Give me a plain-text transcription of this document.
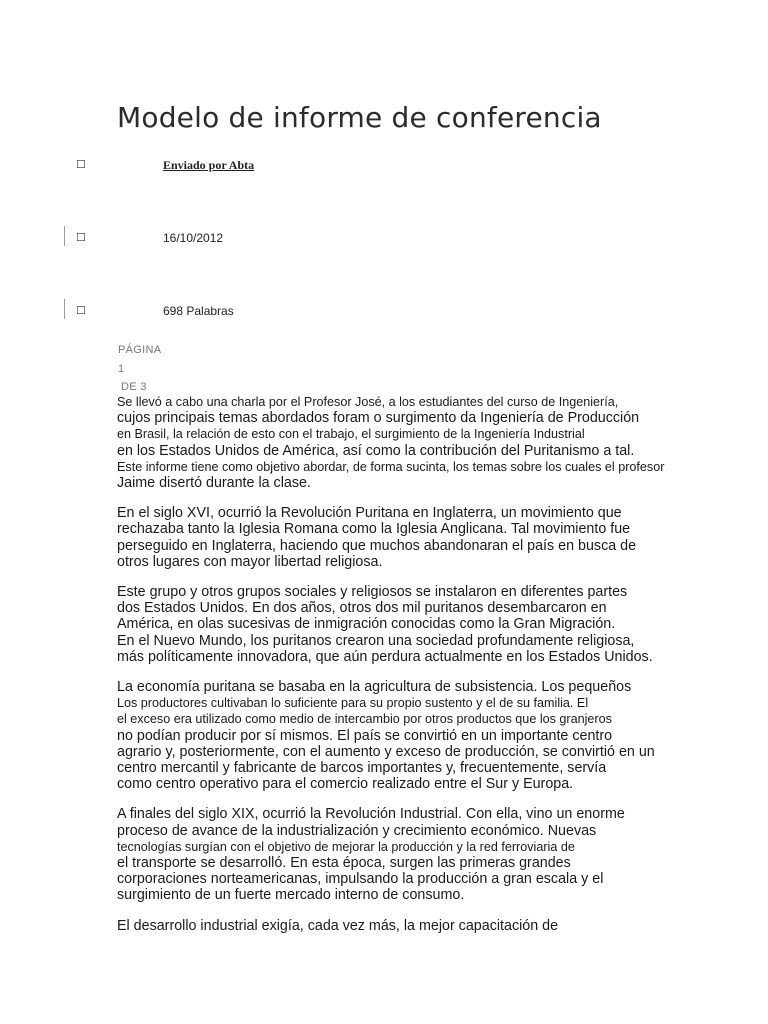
Modelo de informe de conferencia
☐	Enviado por Abta
☐	16/10/2012
☐	698 Palabras
PÁGINA
1
DE 3
Se llevó a cabo una charla por el Profesor José, a los estudiantes del curso de Ingeniería,
cujos principais temas abordados foram o surgimento da Ingeniería de Producción
en Brasil, la relación de esto con el trabajo, el surgimiento de la Ingeniería Industrial
en los Estados Unidos de América, así como la contribución del Puritanismo a tal.
Este informe tiene como objetivo abordar, de forma sucinta, los temas sobre los cuales el profesor
Jaime disertó durante la clase.
En el siglo XVI, ocurrió la Revolución Puritana en Inglaterra, un movimiento que
rechazaba tanto la Iglesia Romana como la Iglesia Anglicana. Tal movimiento fue
perseguido en Inglaterra, haciendo que muchos abandonaran el país en busca de
otros lugares con mayor libertad religiosa.
Este grupo y otros grupos sociales y religiosos se instalaron en diferentes partes
dos Estados Unidos. En dos años, otros dos mil puritanos desembarcaron en
América, en olas sucesivas de inmigración conocidas como la Gran Migración.
En el Nuevo Mundo, los puritanos crearon una sociedad profundamente religiosa,
más políticamente innovadora, que aún perdura actualmente en los Estados Unidos.
La economía puritana se basaba en la agricultura de subsistencia. Los pequeños
Los productores cultivaban lo suficiente para su propio sustento y el de su familia. El
el exceso era utilizado como medio de intercambio por otros productos que los granjeros
no podían producir por sí mismos. El país se convirtió en un importante centro
agrario y, posteriormente, con el aumento y exceso de producción, se convirtió en un
centro mercantil y fabricante de barcos importantes y, frecuentemente, servía
como centro operativo para el comercio realizado entre el Sur y Europa.
A finales del siglo XIX, ocurrió la Revolución Industrial. Con ella, vino un enorme
proceso de avance de la industrialización y crecimiento económico. Nuevas
tecnologías surgían con el objetivo de mejorar la producción y la red ferroviaria de
el transporte se desarrolló. En esta época, surgen las primeras grandes
corporaciones norteamericanas, impulsando la producción a gran escala y el
surgimiento de un fuerte mercado interno de consumo.
El desarrollo industrial exigía, cada vez más, la mejor capacitación de
